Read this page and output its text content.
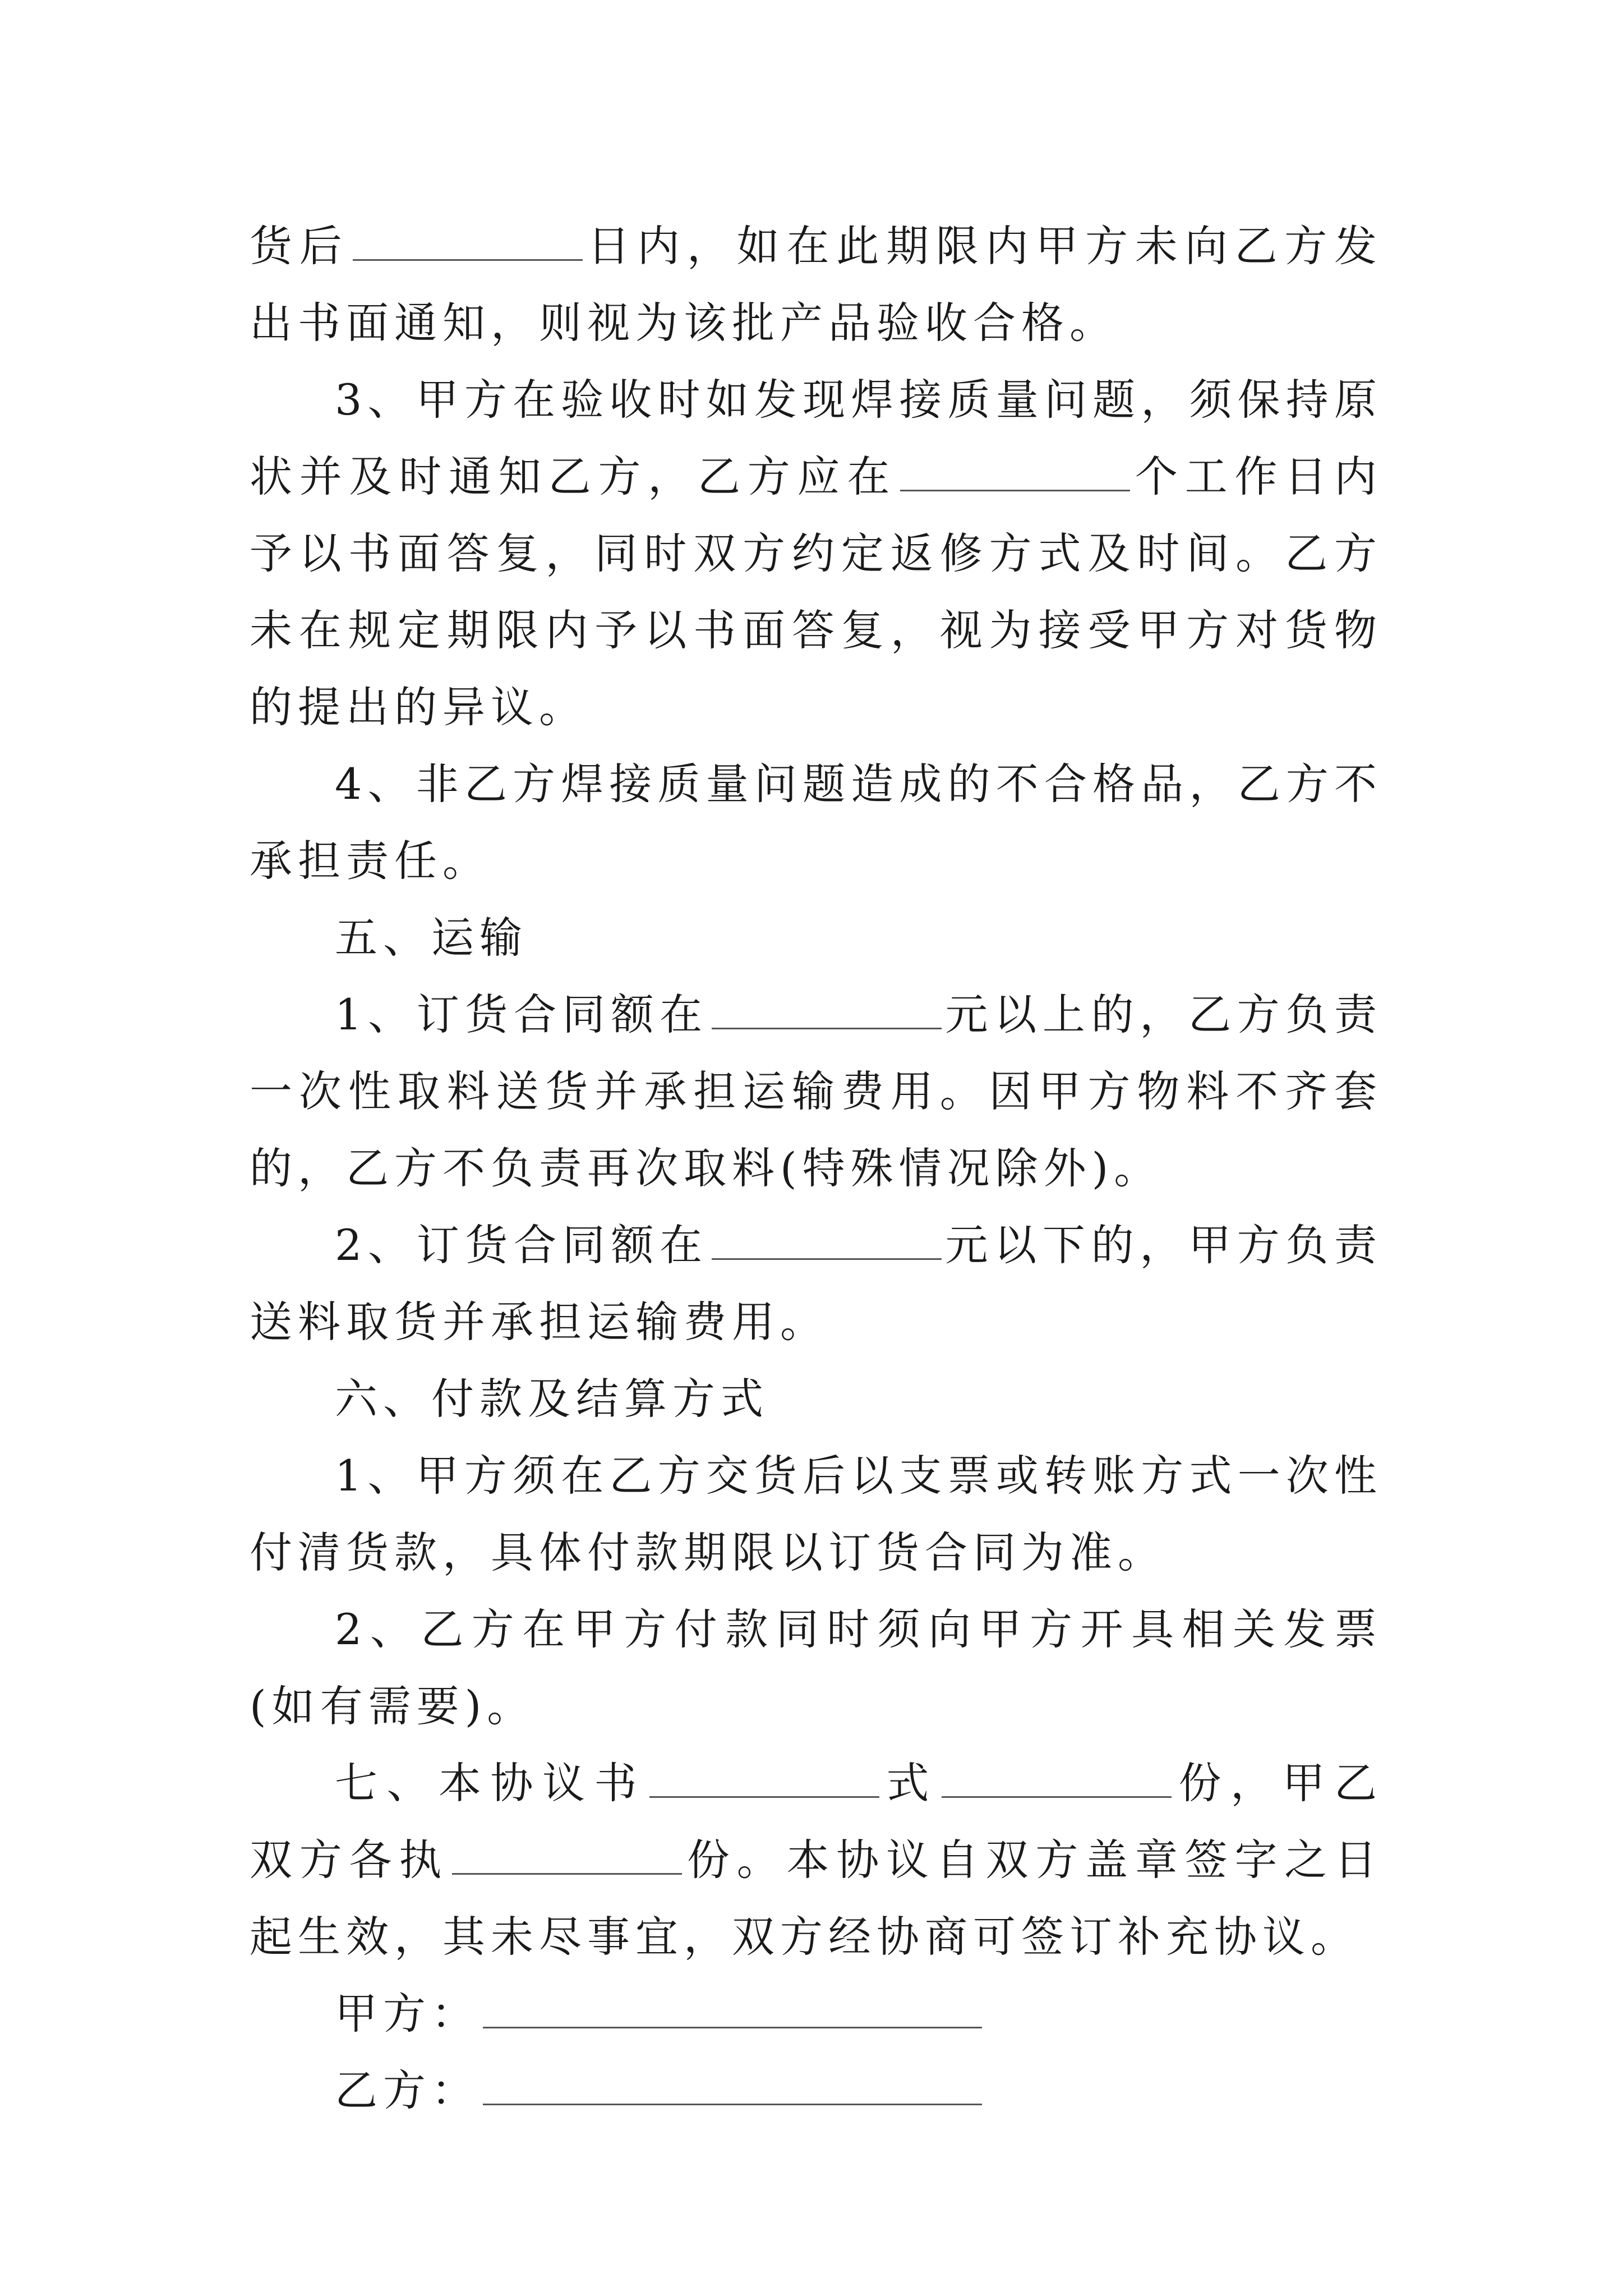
货后	日内，如在此期限内甲方未向乙方发出书面通知，则视为该批产品验收合格。

3、甲方在验收时如发现焊接质量问题，须保持原状并及时通知乙方，乙方应在	个工作日内予以书面答复，同时双方约定返修方式及时间。乙方未在规定期限内予以书面答复，视为接受甲方对货物的提出的异议。

4、非乙方焊接质量问题造成的不合格品，乙方不承担责任。

五、运输

1、订货合同额在	元以上的，乙方负责一次性取料送货并承担运输费用。因甲方物料不齐套的，乙方不负责再次取料(特殊情况除外)。

2、订货合同额在	元以下的，甲方负责送料取货并承担运输费用。

六、付款及结算方式

1、甲方须在乙方交货后以支票或转账方式一次性付清货款，具体付款期限以订货合同为准。

2、乙方在甲方付款同时须向甲方开具相关发票(如有需要)。

七、本协议书	式	份，甲乙双方各执	份。本协议自双方盖章签字之日起生效，其未尽事宜，双方经协商可签订补充协议。

甲方：

乙方：
